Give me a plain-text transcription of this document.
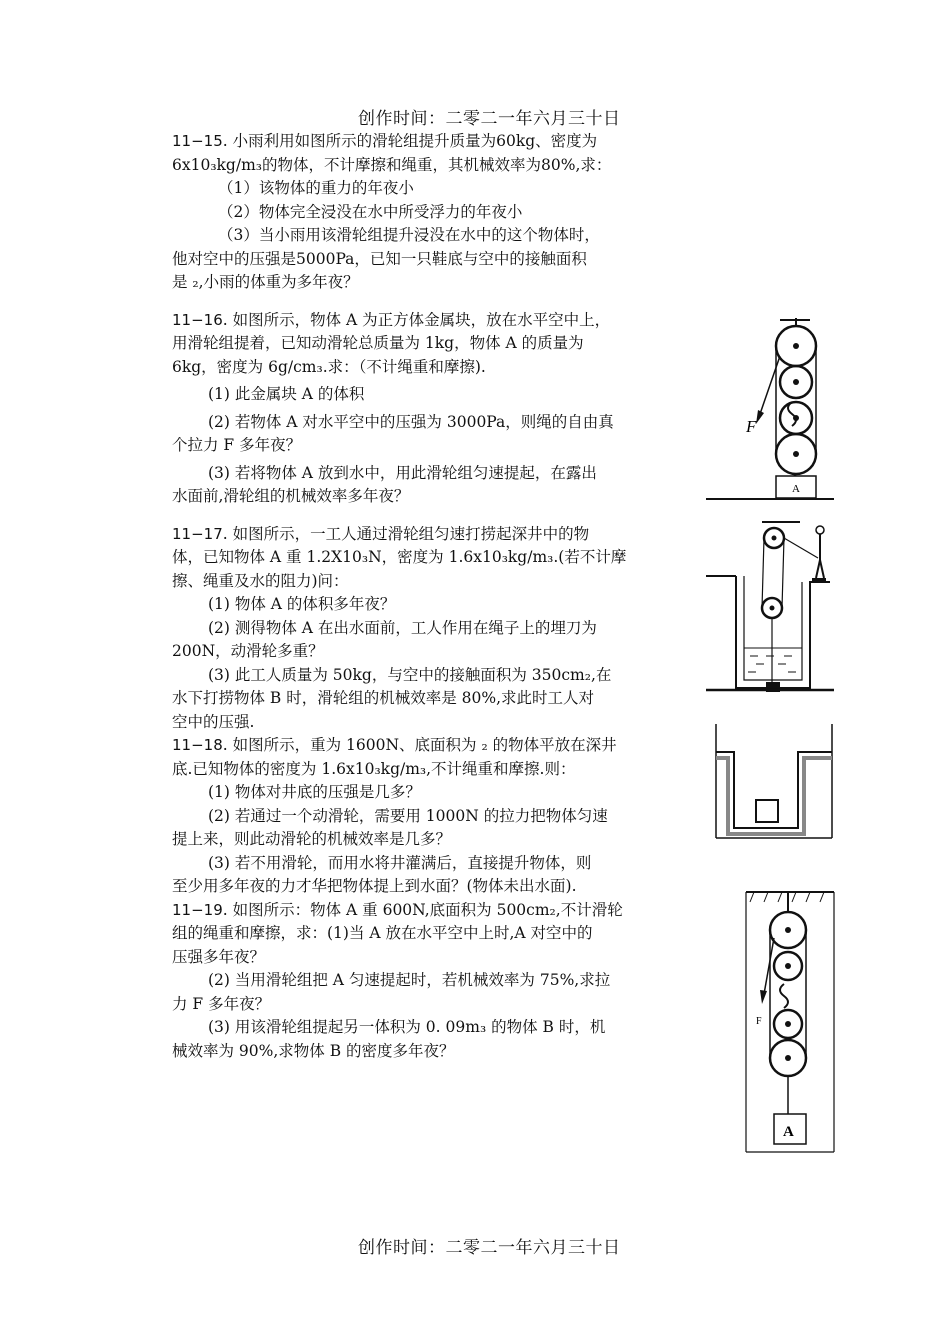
创作时间：二零二一年六月三十日

11−15. 小雨利用如图所示的滑轮组提升质量为60kg、密度为

6x10₃kg/m₃的物体，不计摩擦和绳重，其机械效率为80%,求：

（1）该物体的重力的年夜小

（2）物体完全浸没在水中所受浮力的年夜小

（3）当小雨用该滑轮组提升浸没在水中的这个物体时，

他对空中的压强是5000Pa，已知一只鞋底与空中的接触面积

是 ₂,小雨的体重为多年夜？

11−16. 如图所示，物体 A 为正方体金属块，放在水平空中上，

用滑轮组提着，已知动滑轮总质量为 1kg，物体 A 的质量为

6kg，密度为 6g/cm₃.求：（不计绳重和摩擦).

(1) 此金属块 A 的体积

(2) 若物体 A 对水平空中的压强为 3000Pa，则绳的自由真

个拉力 F 多年夜？

(3) 若将物体 A 放到水中，用此滑轮组匀速提起，在露出

水面前,滑轮组的机械效率多年夜？

11−17. 如图所示，一工人通过滑轮组匀速打捞起深井中的物

体，已知物体 A 重 1.2X10₃N，密度为 1.6x10₃kg/m₃.(若不计摩

擦、绳重及水的阻力)问：

(1) 物体 A 的体积多年夜？

(2) 测得物体 A 在出水面前，工人作用在绳子上的埋刀为

200N，动滑轮多重？

(3) 此工人质量为 50kg，与空中的接触面积为 350cm₂,在

水下打捞物体 B 时，滑轮组的机械效率是 80%,求此时工人对

空中的压强.

11−18. 如图所示，重为 1600N、底面积为 ₂ 的物体平放在深井

底.已知物体的密度为 1.6x10₃kg/m₃,不计绳重和摩擦.则：

(1) 物体对井底的压强是几多？

(2) 若通过一个动滑轮，需要用 1000N 的拉力把物体匀速

提上来，则此动滑轮的机械效率是几多？

(3) 若不用滑轮，而用水将井灌满后，直接提升物体，则

至少用多年夜的力才华把物体提上到水面？(物体未出水面).

11−19. 如图所示：物体 A 重 600N,底面积为 500cm₂,不计滑轮

组的绳重和摩擦，求：(1)当 A 放在水平空中上时,A 对空中的

压强多年夜？

(2) 当用滑轮组把 A 匀速提起时，若机械效率为 75%,求拉

力 F 多年夜？

(3) 用该滑轮组提起另一体积为 0. 09m₃ 的物体 B 时，机

械效率为 90%,求物体 B 的密度多年夜？

F
A
F
A
创作时间：二零二一年六月三十日
